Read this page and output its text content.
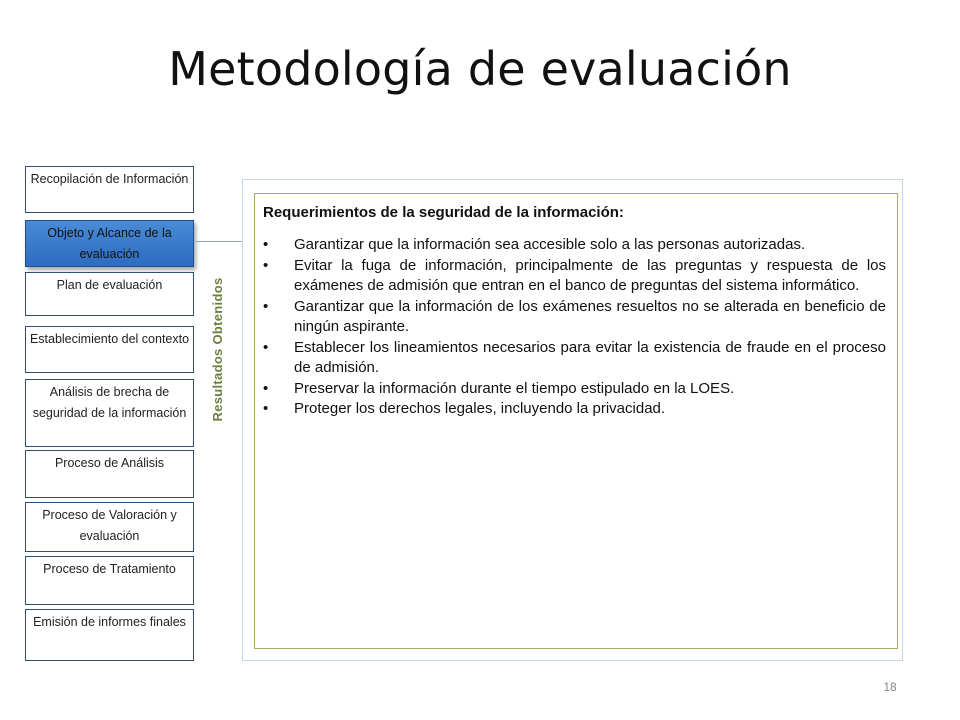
Metodología de evaluación
Recopilación de Información
Objeto y Alcance de la evaluación
Plan de evaluación
Establecimiento del contexto
Análisis de brecha de seguridad de la información
Proceso de Análisis
Proceso de Valoración y evaluación
Proceso de Tratamiento
Emisión de informes finales
Resultados Obtenidos
Requerimientos de la seguridad de la información:
• Garantizar que la información sea accesible solo a las personas autorizadas.
• Evitar la fuga de información, principalmente de las preguntas y respuesta de los exámenes de admisión que entran en el banco de preguntas del sistema informático.
• Garantizar que la información de los exámenes resueltos no se alterada en beneficio de ningún aspirante.
• Establecer los lineamientos necesarios para evitar la existencia de fraude en el proceso de admisión.
• Preservar la información durante el tiempo estipulado en la LOES.
• Proteger los derechos legales, incluyendo la privacidad.
18
